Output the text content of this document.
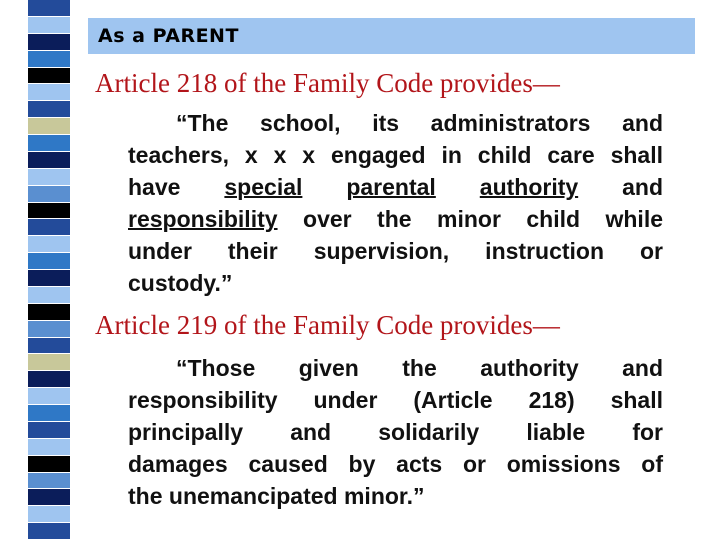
As a PARENT
Article 218 of the Family Code provides—
“The school, its administrators and
teachers, x x x engaged in child care shall
have special parental authority and
responsibility over the minor child while
under their supervision, instruction or
custody.”
Article 219 of the Family Code provides—
“Those given the authority and
responsibility under (Article 218) shall
principally and solidarily liable for
damages caused by acts or omissions of
the unemancipated minor.”
